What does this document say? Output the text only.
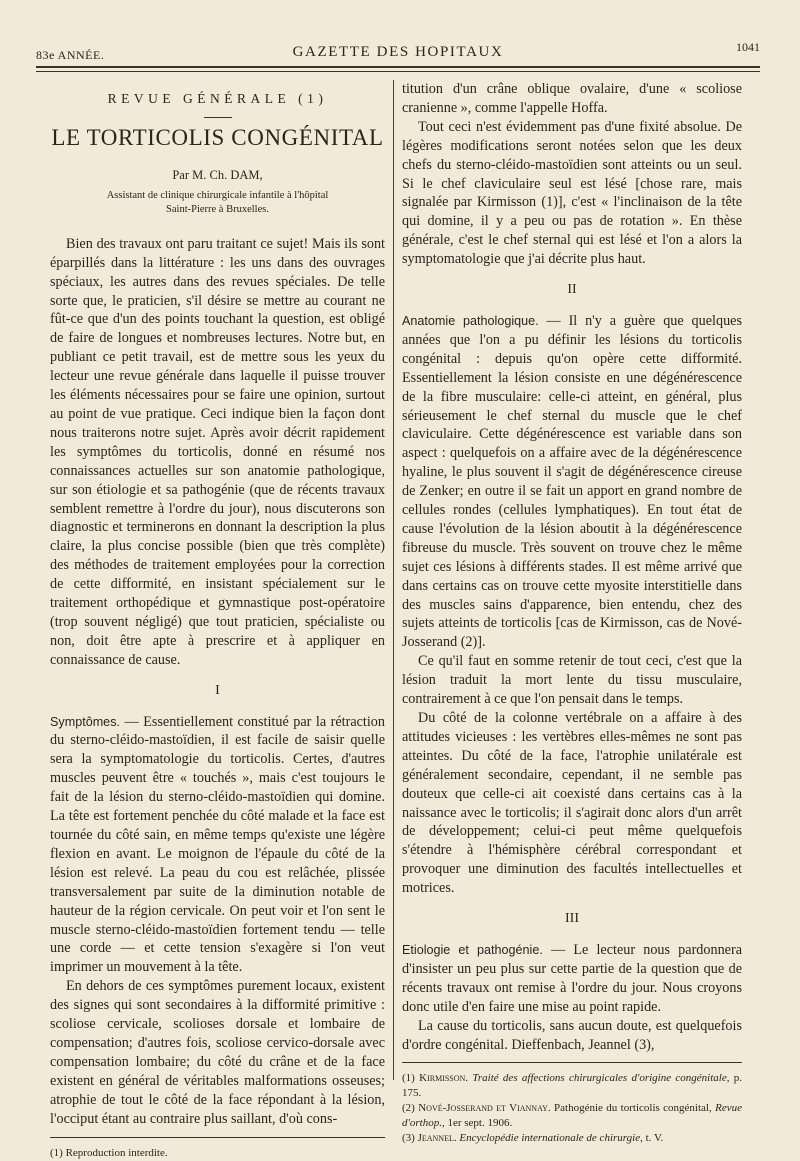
83e ANNÉE.	GAZETTE DES HOPITAUX	1041
REVUE GÉNÉRALE (1)
LE TORTICOLIS CONGÉNITAL
Par M. Ch. DAM,
Assistant de clinique chirurgicale infantile à l'hôpital
Saint-Pierre à Bruxelles.

Bien des travaux ont paru traitant ce sujet! Mais ils sont éparpillés dans la littérature : les uns dans des ouvrages spéciaux, les autres dans des revues spéciales. De telle sorte que, le praticien, s'il désire se mettre au courant ne fût-ce que d'un des points touchant la question, est obligé de faire de longues et nombreuses lectures. Notre but, en publiant ce petit travail, est de mettre sous les yeux du lecteur une revue générale dans laquelle il puisse trouver les éléments nécessaires pour se faire une opinion, surtout au point de vue pratique. Ceci indique bien la façon dont nous traiterons notre sujet. Après avoir décrit rapidement les symptômes du torticolis, donné en résumé nos connaissances actuelles sur son anatomie pathologique, sur son étiologie et sa pathogénie (que de récents travaux semblent remettre à l'ordre du jour), nous discuterons son diagnostic et terminerons en donnant la description la plus claire, la plus concise possible (bien que très complète) des méthodes de traitement employées pour la correction de cette difformité, en insistant spécialement sur le traitement orthopédique et gymnastique post-opératoire (trop souvent négligé) que tout praticien, spécialiste ou non, doit être apte à prescrire et à appliquer en connaissance de cause.

I

Symptômes. — Essentiellement constitué par la rétraction du sterno-cléido-mastoïdien, il est facile de saisir quelle sera la symptomatologie du torticolis. Certes, d'autres muscles peuvent être « touchés », mais c'est toujours le fait de la lésion du sterno-cléido-mastoïdien qui domine. La tête est fortement penchée du côté malade et la face est tournée du côté sain, en même temps qu'existe une légère flexion en avant. Le moignon de l'épaule du côté de la lésion est relevé. La peau du cou est relâchée, plissée transversalement par suite de la diminution notable de hauteur de la région cervicale. On peut voir et l'on sent le muscle sterno-cléido-mastoïdien fortement tendu — telle une corde — et cette tension s'exagère si l'on veut imprimer un mouvement à la tête.

En dehors de ces symptômes purement locaux, existent des signes qui sont secondaires à la difformité primitive : scoliose cervicale, scolioses dorsale et lombaire de compensation; d'autres fois, scoliose cervico-dorsale avec compensation lombaire; du côté du crâne et de la face existent en général de véritables malformations osseuses; atrophie de tout le côté de la face répondant à la lésion, l'occiput étant au contraire plus saillant, d'où cons-

(1) Reproduction interdite.

titution d'un crâne oblique ovalaire, d'une « scoliose cranienne », comme l'appelle Hoffa.

Tout ceci n'est évidemment pas d'une fixité absolue. De légères modifications seront notées selon que les deux chefs du sterno-cléido-mastoïdien sont atteints ou un seul. Si le chef claviculaire seul est lésé [chose rare, mais signalée par Kirmisson (1)], c'est « l'inclinaison de la tête qui domine, il y a peu ou pas de rotation ». En thèse générale, c'est le chef sternal qui est lésé et l'on a alors la symptomatologie que j'ai décrite plus haut.

II

Anatomie pathologique. — Il n'y a guère que quelques années que l'on a pu définir les lésions du torticolis congénital : depuis qu'on opère cette difformité. Essentiellement la lésion consiste en une dégénérescence de la fibre musculaire: celle-ci atteint, en général, plus sérieusement le chef sternal du muscle que le chef claviculaire. Cette dégénérescence est variable dans son aspect : quelquefois on a affaire avec de la dégénérescence hyaline, le plus souvent il s'agit de dégénérescence cireuse de Zenker; en outre il se fait un apport en grand nombre de cellules rondes (cellules lymphatiques). En tout état de cause l'évolution de la lésion aboutit à la dégénérescence fibreuse du muscle. Très souvent on trouve chez le même sujet ces lésions à différents stades. Il est même arrivé que dans certains cas on trouve cette myosite interstitielle dans des muscles sains d'apparence, bien entendu, chez des sujets atteints de torticolis [cas de Kirmisson, cas de Nové-Josserand (2)].

Ce qu'il faut en somme retenir de tout ceci, c'est que la lésion traduit la mort lente du tissu musculaire, contrairement à ce que l'on pensait dans le temps.

Du côté de la colonne vertébrale on a affaire à des attitudes vicieuses : les vertèbres elles-mêmes ne sont pas atteintes. Du côté de la face, l'atrophie unilatérale est généralement secondaire, cependant, il ne semble pas douteux que celle-ci ait coexisté dans certains cas à la naissance avec le torticolis; il s'agirait donc alors d'un arrêt de développement; celui-ci peut même quelquefois s'étendre à l'hémisphère cérébral correspondant et provoquer une diminution des facultés intellectuelles et motrices.

III

Etiologie et pathogénie. — Le lecteur nous pardonnera d'insister un peu plus sur cette partie de la question que de récents travaux ont remise à l'ordre du jour. Nous croyons donc utile d'en faire une mise au point rapide.

La cause du torticolis, sans aucun doute, est quelquefois d'ordre congénital. Dieffenbach, Jeannel (3),

(1) Kirmisson. Traité des affections chirurgicales d'origine congénitale, p. 175.

(2) Nové-Josserand et Viannay. Pathogénie du torticolis congénital, Revue d'orthop., 1er sept. 1906.

(3) Jeannel. Encyclopédie internationale de chirurgie, t. V.
